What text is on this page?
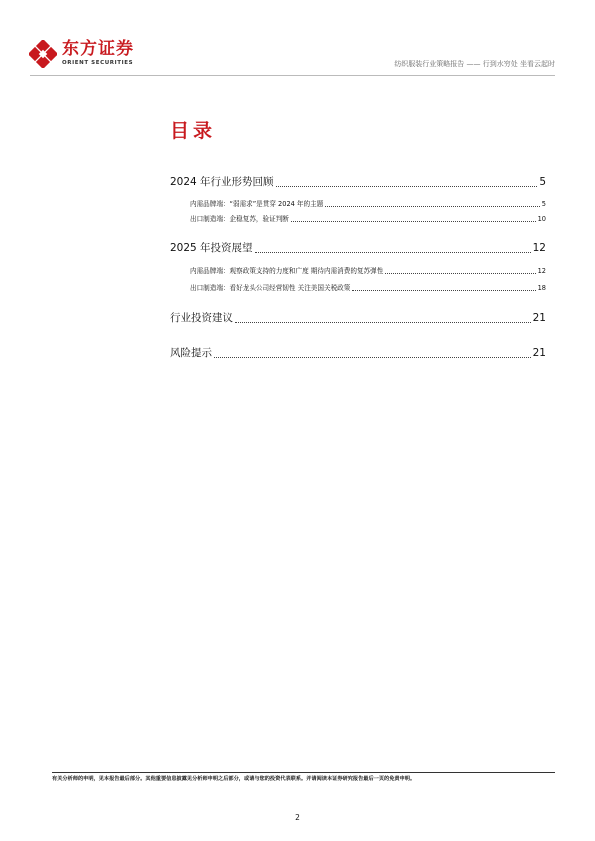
东方证券
ORIENT SECURITIES	纺织服装行业策略报告 —— 行到水穷处 坐看云起时
目录
2024 年行业形势回顾	5
内需品牌端：“弱需求”是贯穿 2024 年的主题	5
出口制造端：企稳复苏，验证判断	10
2025 年投资展望	12
内需品牌端：观察政策支持的力度和广度 期待内需消费的复苏弹性	12
出口制造端：看好龙头公司经营韧性 关注美国关税政策	18
行业投资建议	21
风险提示	21
有关分析师的申明，见本报告最后部分。其他重要信息披露见分析师申明之后部分，或请与您的投资代表联系。并请阅读本证券研究报告最后一页的免责申明。
2
